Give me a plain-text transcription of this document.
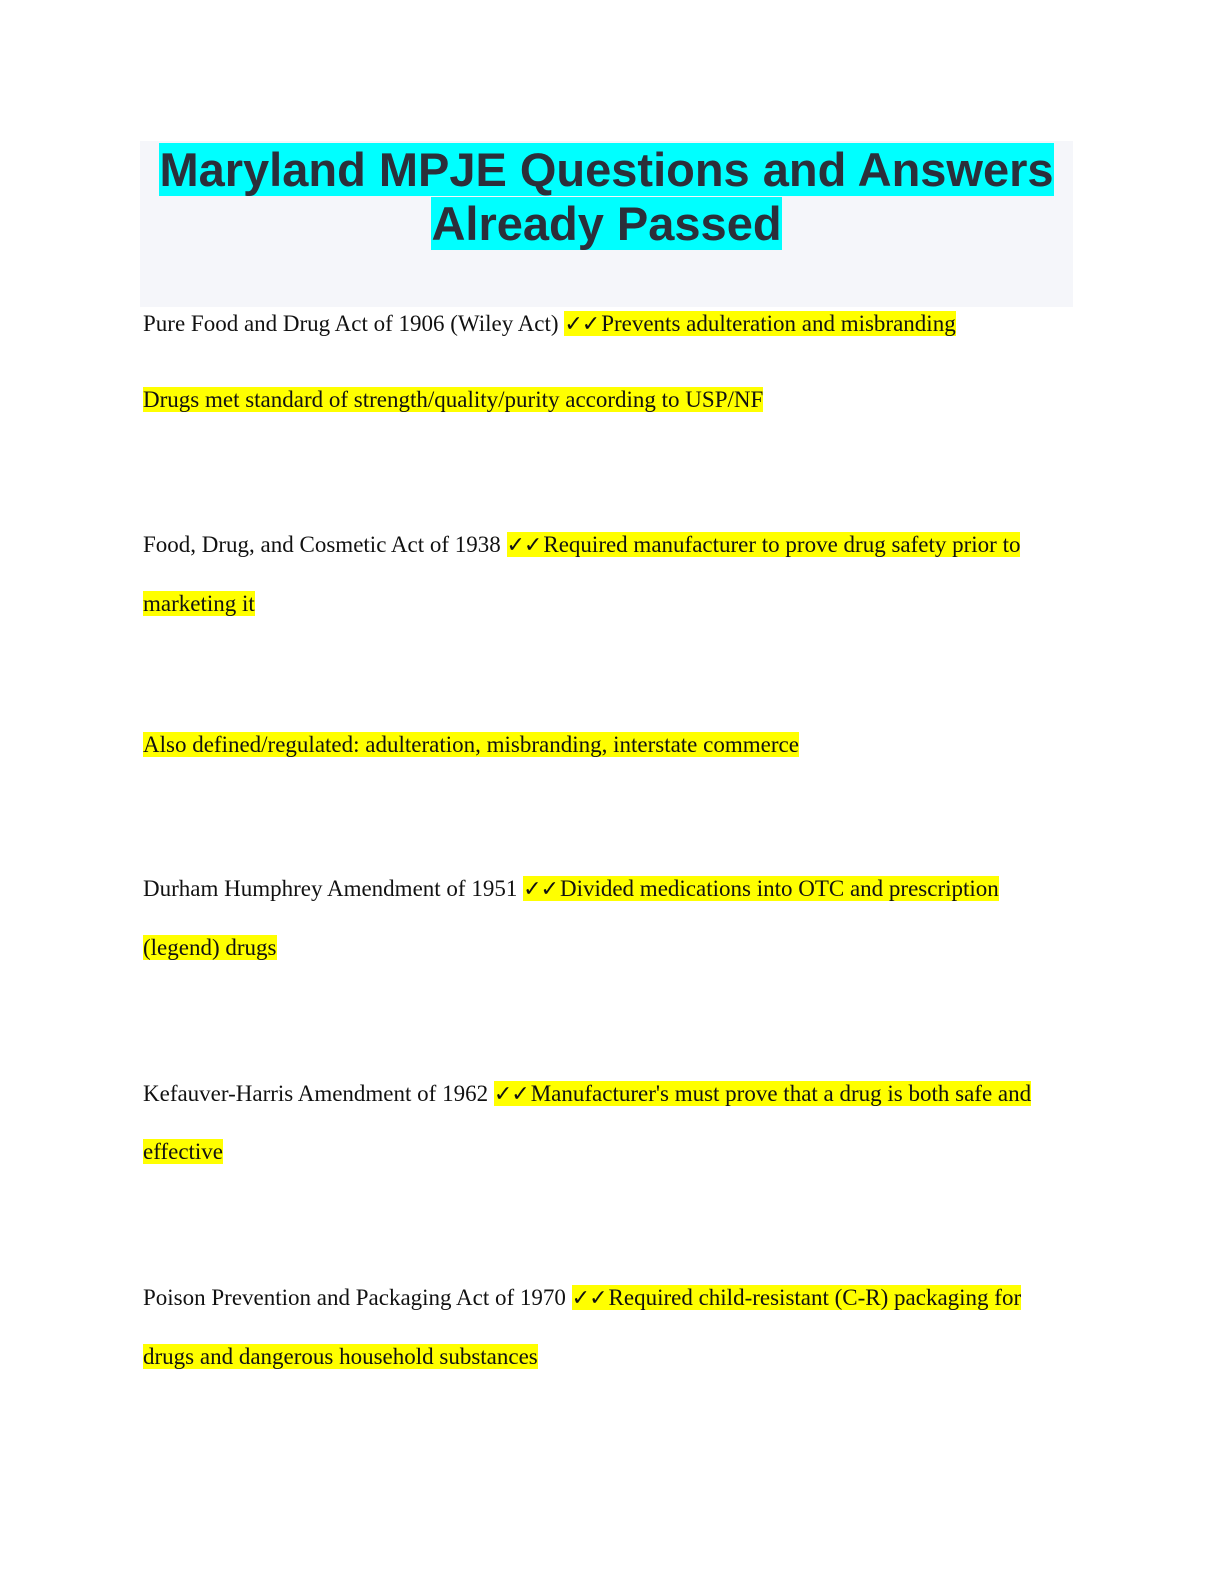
Maryland MPJE Questions and Answers
Already Passed

Pure Food and Drug Act of 1906 (Wiley Act) ✓✓Prevents adulteration and misbranding

Drugs met standard of strength/quality/purity according to USP/NF

Food, Drug, and Cosmetic Act of 1938 ✓✓Required manufacturer to prove drug safety prior to

marketing it

Also defined/regulated: adulteration, misbranding, interstate commerce

Durham Humphrey Amendment of 1951 ✓✓Divided medications into OTC and prescription

(legend) drugs

Kefauver-Harris Amendment of 1962 ✓✓Manufacturer's must prove that a drug is both safe and

effective

Poison Prevention and Packaging Act of 1970 ✓✓Required child-resistant (C-R) packaging for

drugs and dangerous household substances
